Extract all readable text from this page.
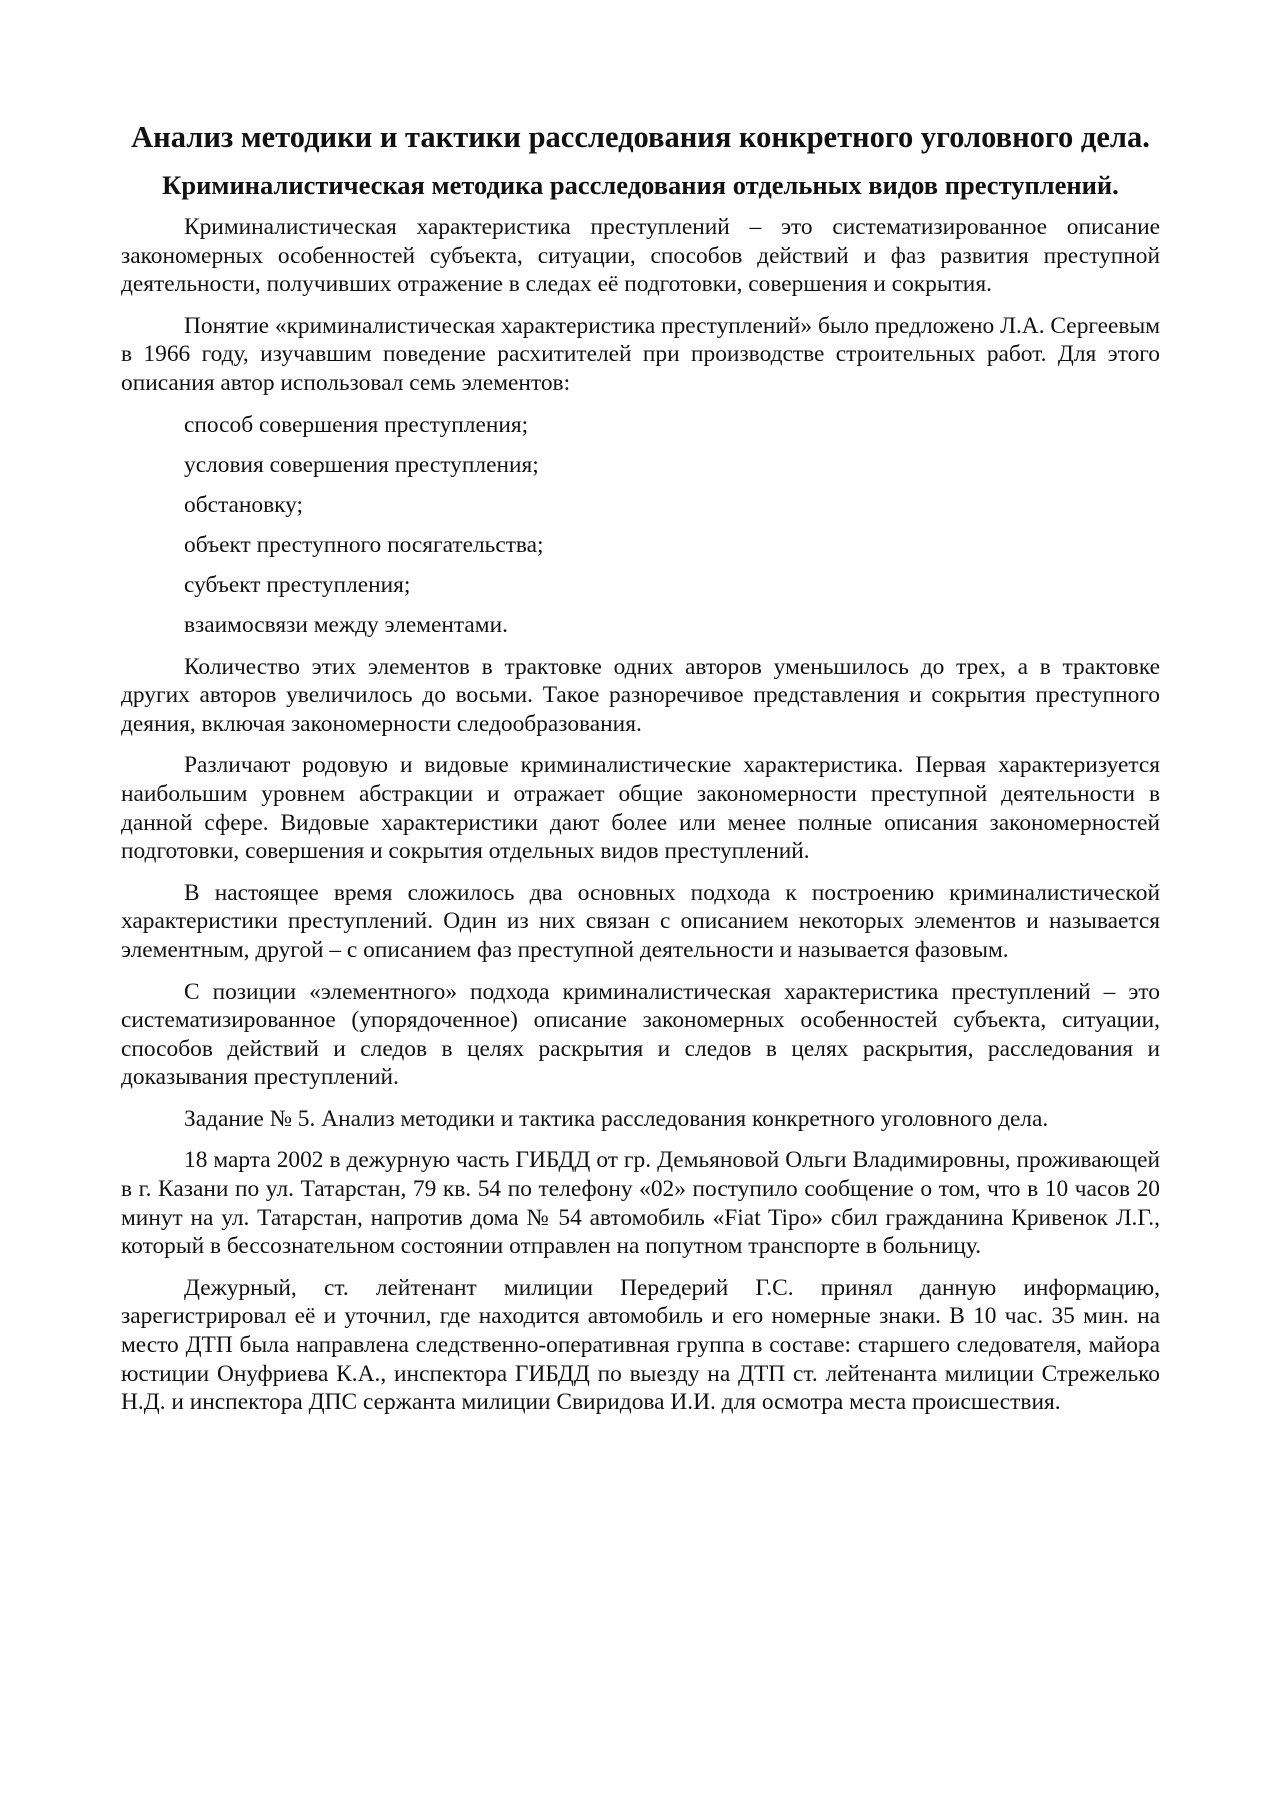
Анализ методики и тактики расследования конкретного уголовного дела.
Криминалистическая методика расследования отдельных видов преступлений.

Криминалистическая характеристика преступлений – это систематизированное описание закономерных особенностей субъекта, ситуации, способов действий и фаз развития преступной деятельности, получивших отражение в следах её подготовки, совершения и сокрытия.

Понятие «криминалистическая характеристика преступлений» было предложено Л.А. Сергеевым в 1966 году, изучавшим поведение расхитителей при производстве строительных работ. Для этого описания автор использовал семь элементов:

способ совершения преступления;
условия совершения преступления;
обстановку;
объект преступного посягательства;
субъект преступления;
взаимосвязи между элементами.

Количество этих элементов в трактовке одних авторов уменьшилось до трех, а в трактовке других авторов увеличилось до восьми. Такое разноречивое представления и сокрытия преступного деяния, включая закономерности следообразования.

Различают родовую и видовые криминалистические характеристика. Первая характеризуется наибольшим уровнем абстракции и отражает общие закономерности преступной деятельности в данной сфере. Видовые характеристики дают более или менее полные описания закономерностей подготовки, совершения и сокрытия отдельных видов преступлений.

В настоящее время сложилось два основных подхода к построению криминалистической характеристики преступлений. Один из них связан с описанием некоторых элементов и называется элементным, другой – с описанием фаз преступной деятельности и называется фазовым.

С позиции «элементного» подхода криминалистическая характеристика преступлений – это систематизированное (упорядоченное) описание закономерных особенностей субъекта, ситуации, способов действий и следов в целях раскрытия и следов в целях раскрытия, расследования и доказывания преступлений.

Задание № 5. Анализ методики и тактика расследования конкретного уголовного дела.

18 марта 2002 в дежурную часть ГИБДД от гр. Демьяновой Ольги Владимировны, проживающей в г. Казани по ул. Татарстан, 79 кв. 54 по телефону «02» поступило сообщение о том, что в 10 часов 20 минут на ул. Татарстан, напротив дома № 54 автомобиль «Fiat Tipo» сбил гражданина Кривенок Л.Г., который в бессознательном состоянии отправлен на попутном транспорте в больницу.

Дежурный, ст. лейтенант милиции Передерий Г.С. принял данную информацию, зарегистрировал её и уточнил, где находится автомобиль и его номерные знаки. В 10 час. 35 мин. на место ДТП была направлена следственно-оперативная группа в составе: старшего следователя, майора юстиции Онуфриева К.А., инспектора ГИБДД по выезду на ДТП ст. лейтенанта милиции Стрежелько Н.Д. и инспектора ДПС сержанта милиции Свиридова И.И. для осмотра места происшествия.
